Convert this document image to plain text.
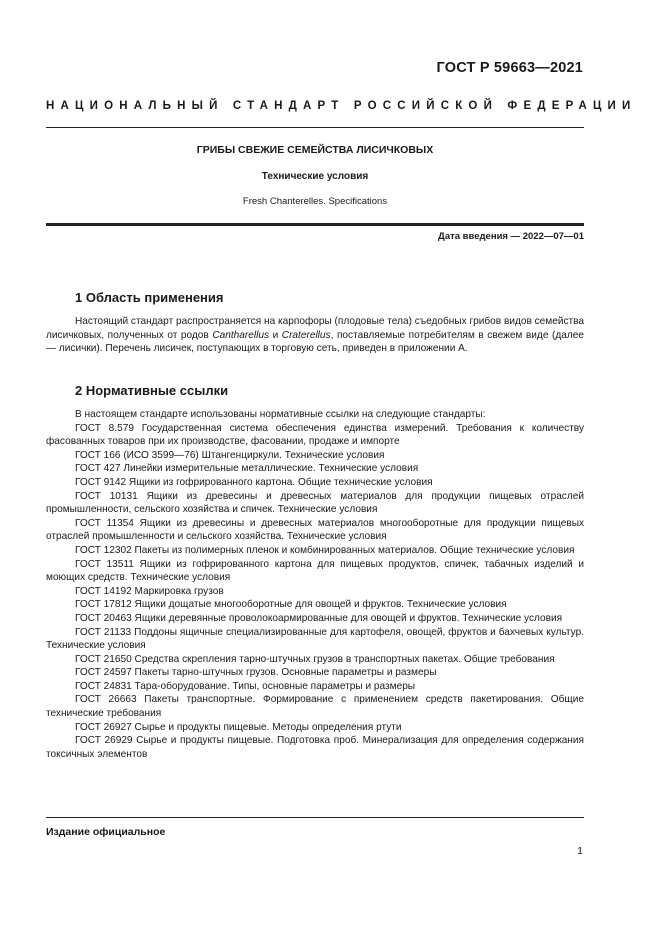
ГОСТ Р 59663—2021
НАЦИОНАЛЬНЫЙ СТАНДАРТ РОССИЙСКОЙ ФЕДЕРАЦИИ
ГРИБЫ СВЕЖИЕ СЕМЕЙСТВА ЛИСИЧКОВЫХ
Технические условия
Fresh Chanterelles. Specifications
Дата введения — 2022—07—01
1 Область применения
Настоящий стандарт распространяется на карпофоры (плодовые тела) съедобных грибов видов семейства лисичковых, полученных от родов Cantharellus и Craterellus, поставляемые потребителям в свежем виде (далее — лисички). Перечень лисичек, поступающих в торговую сеть, приведен в приложении А.
2 Нормативные ссылки
В настоящем стандарте использованы нормативные ссылки на следующие стандарты:
ГОСТ 8.579 Государственная система обеспечения единства измерений. Требования к количеству фасованных товаров при их производстве, фасовании, продаже и импорте
ГОСТ 166 (ИСО 3599—76) Штангенциркули. Технические условия
ГОСТ 427 Линейки измерительные металлические. Технические условия
ГОСТ 9142 Ящики из гофрированного картона. Общие технические условия
ГОСТ 10131 Ящики из древесины и древесных материалов для продукции пищевых отраслей промышленности, сельского хозяйства и спичек. Технические условия
ГОСТ 11354 Ящики из древесины и древесных материалов многооборотные для продукции пищевых отраслей промышленности и сельского хозяйства. Технические условия
ГОСТ 12302 Пакеты из полимерных пленок и комбинированных материалов. Общие технические условия
ГОСТ 13511 Ящики из гофрированного картона для пищевых продуктов, спичек, табачных изделий и моющих средств. Технические условия
ГОСТ 14192 Маркировка грузов
ГОСТ 17812 Ящики дощатые многооборотные для овощей и фруктов. Технические условия
ГОСТ 20463 Ящики деревянные проволокоармированные для овощей и фруктов. Технические условия
ГОСТ 21133 Поддоны ящичные специализированные для картофеля, овощей, фруктов и бахчевых культур. Технические условия
ГОСТ 21650 Средства скрепления тарно-штучных грузов в транспортных пакетах. Общие требования
ГОСТ 24597 Пакеты тарно-штучных грузов. Основные параметры и размеры
ГОСТ 24831 Тара-оборудование. Типы, основные параметры и размеры
ГОСТ 26663 Пакеты транспортные. Формирование с применением средств пакетирования. Общие технические требования
ГОСТ 26927 Сырье и продукты пищевые. Методы определения ртути
ГОСТ 26929 Сырье и продукты пищевые. Подготовка проб. Минерализация для определения содержания токсичных элементов
Издание официальное
1
